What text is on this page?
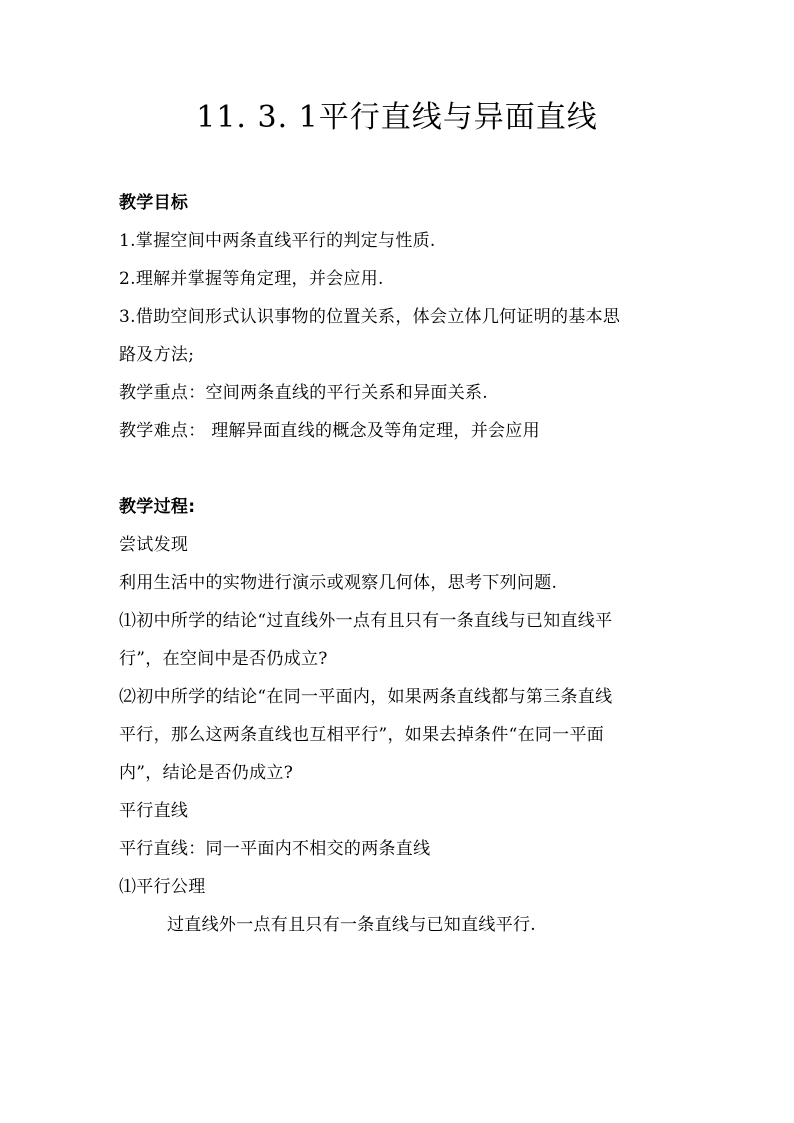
11. 3. 1平行直线与异面直线
教学目标
1.掌握空间中两条直线平行的判定与性质.
2.理解并掌握等角定理，并会应用.
3.借助空间形式认识事物的位置关系，体会立体几何证明的基本思
路及方法;
教学重点：空间两条直线的平行关系和异面关系.
教学难点： 理解异面直线的概念及等角定理，并会应用
教学过程:
尝试发现
利用生活中的实物进行演示或观察几何体，思考下列问题.
⑴初中所学的结论“过直线外一点有且只有一条直线与已知直线平
行”，在空间中是否仍成立?
⑵初中所学的结论“在同一平面内，如果两条直线都与第三条直线
平行，那么这两条直线也互相平行”，如果去掉条件“在同一平面
内”，结论是否仍成立?
平行直线
平行直线：同一平面内不相交的两条直线
⑴平行公理
过直线外一点有且只有一条直线与已知直线平行.
